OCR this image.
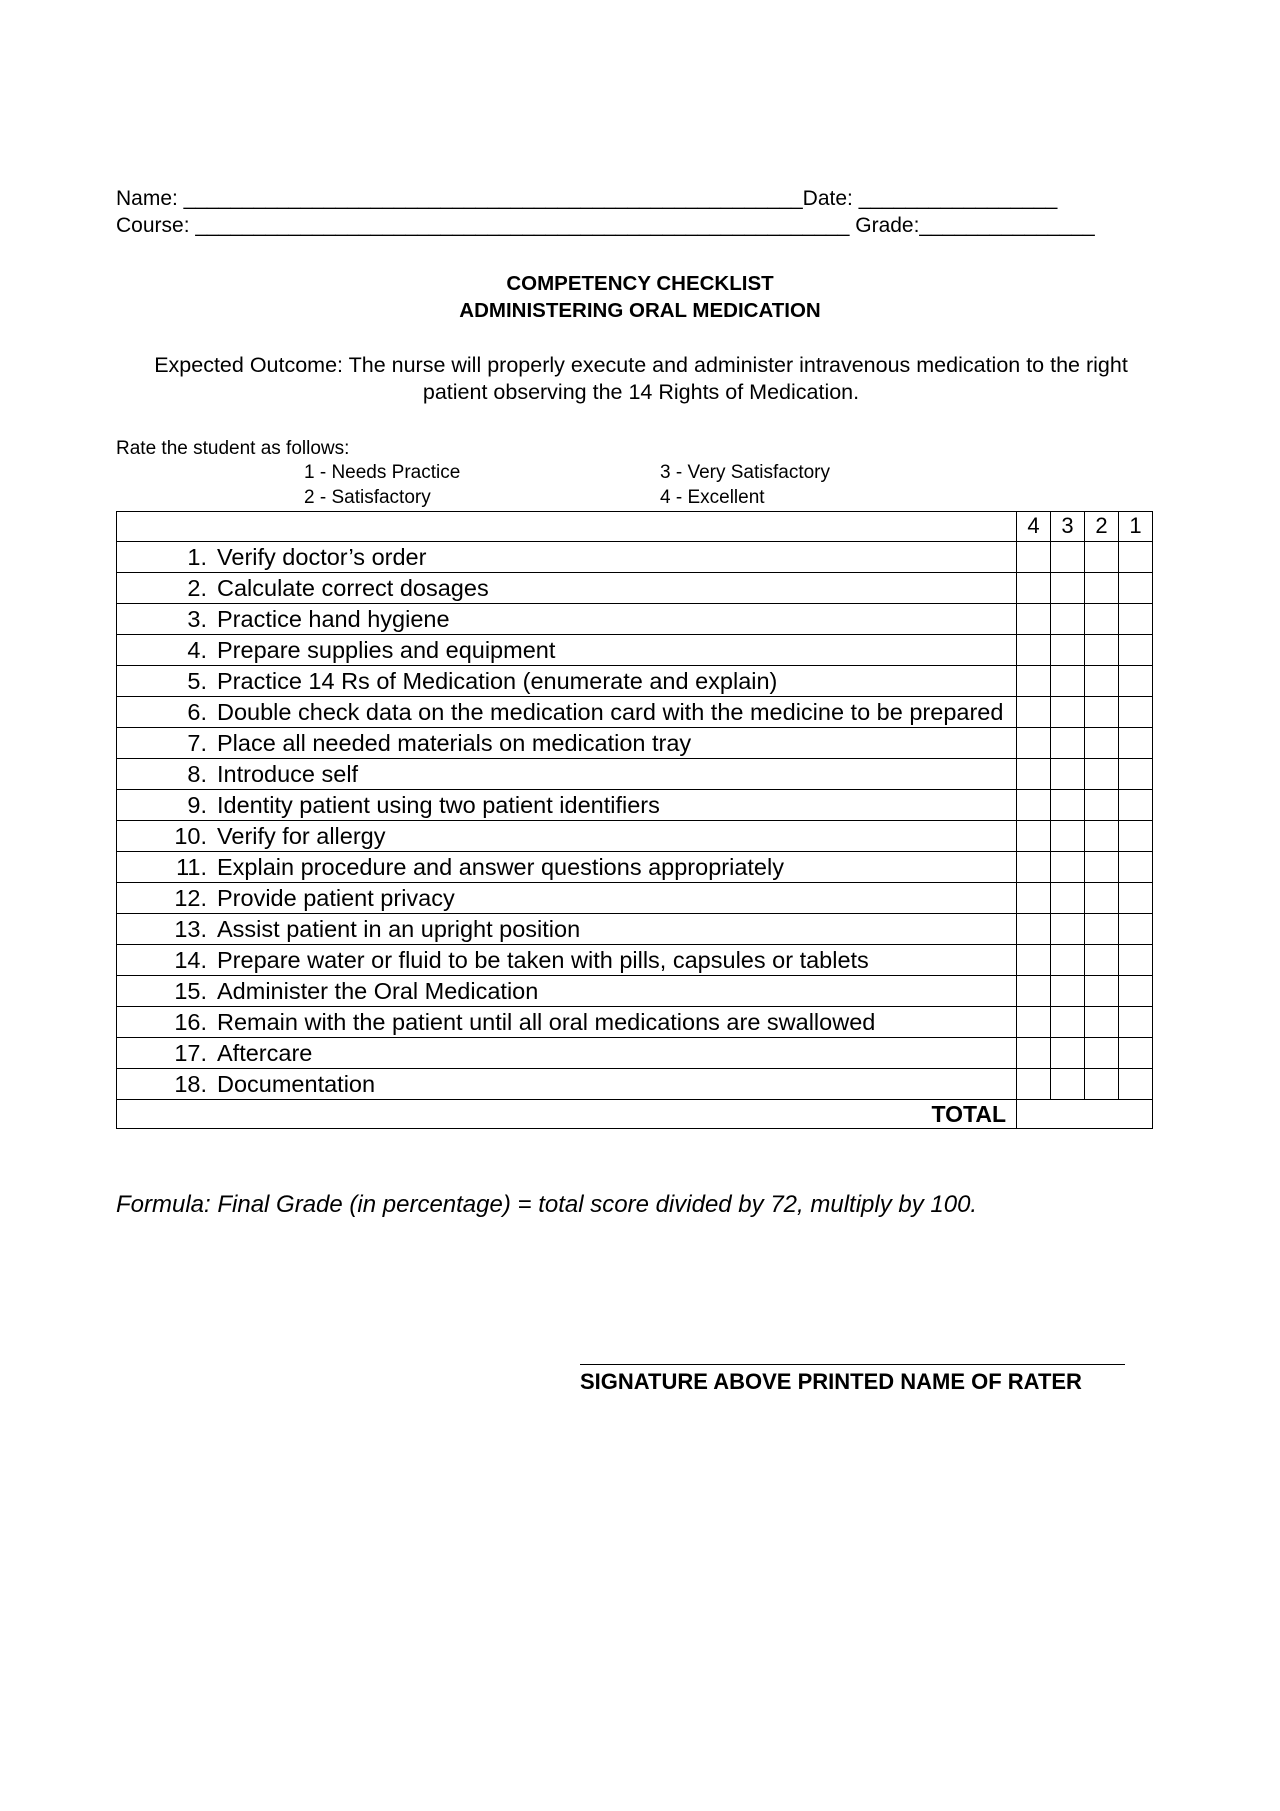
Name: _____________________________________________________Date: _________________
Course: ________________________________________________________ Grade:_______________
COMPETENCY CHECKLIST
ADMINISTERING ORAL MEDICATION
Expected Outcome: The nurse will properly execute and administer intravenous medication to the right patient observing the 14 Rights of Medication.
Rate the student as follows:
1 - Needs Practice
2 - Satisfactory
3 - Very Satisfactory
4 - Excellent
	4	3	2	1

1. Verify doctor’s order				

2. Calculate correct dosages				

3. Practice hand hygiene				

4. Prepare supplies and equipment				

5. Practice 14 Rs of Medication (enumerate and explain)				

6. Double check data on the medication card with the medicine to be prepared				

7. Place all needed materials on medication tray				

8. Introduce self				

9. Identity patient using two patient identifiers				

10. Verify for allergy				

11. Explain procedure and answer questions appropriately				

12. Provide patient privacy				

13. Assist patient in an upright position				

14. Prepare water or fluid to be taken with pills, capsules or tablets				

15. Administer the Oral Medication				

16. Remain with the patient until all oral medications are swallowed				

17. Aftercare				

18. Documentation				

TOTAL				
Formula: Final Grade (in percentage) = total score divided by 72, multiply by 100.
SIGNATURE ABOVE PRINTED NAME OF RATER
